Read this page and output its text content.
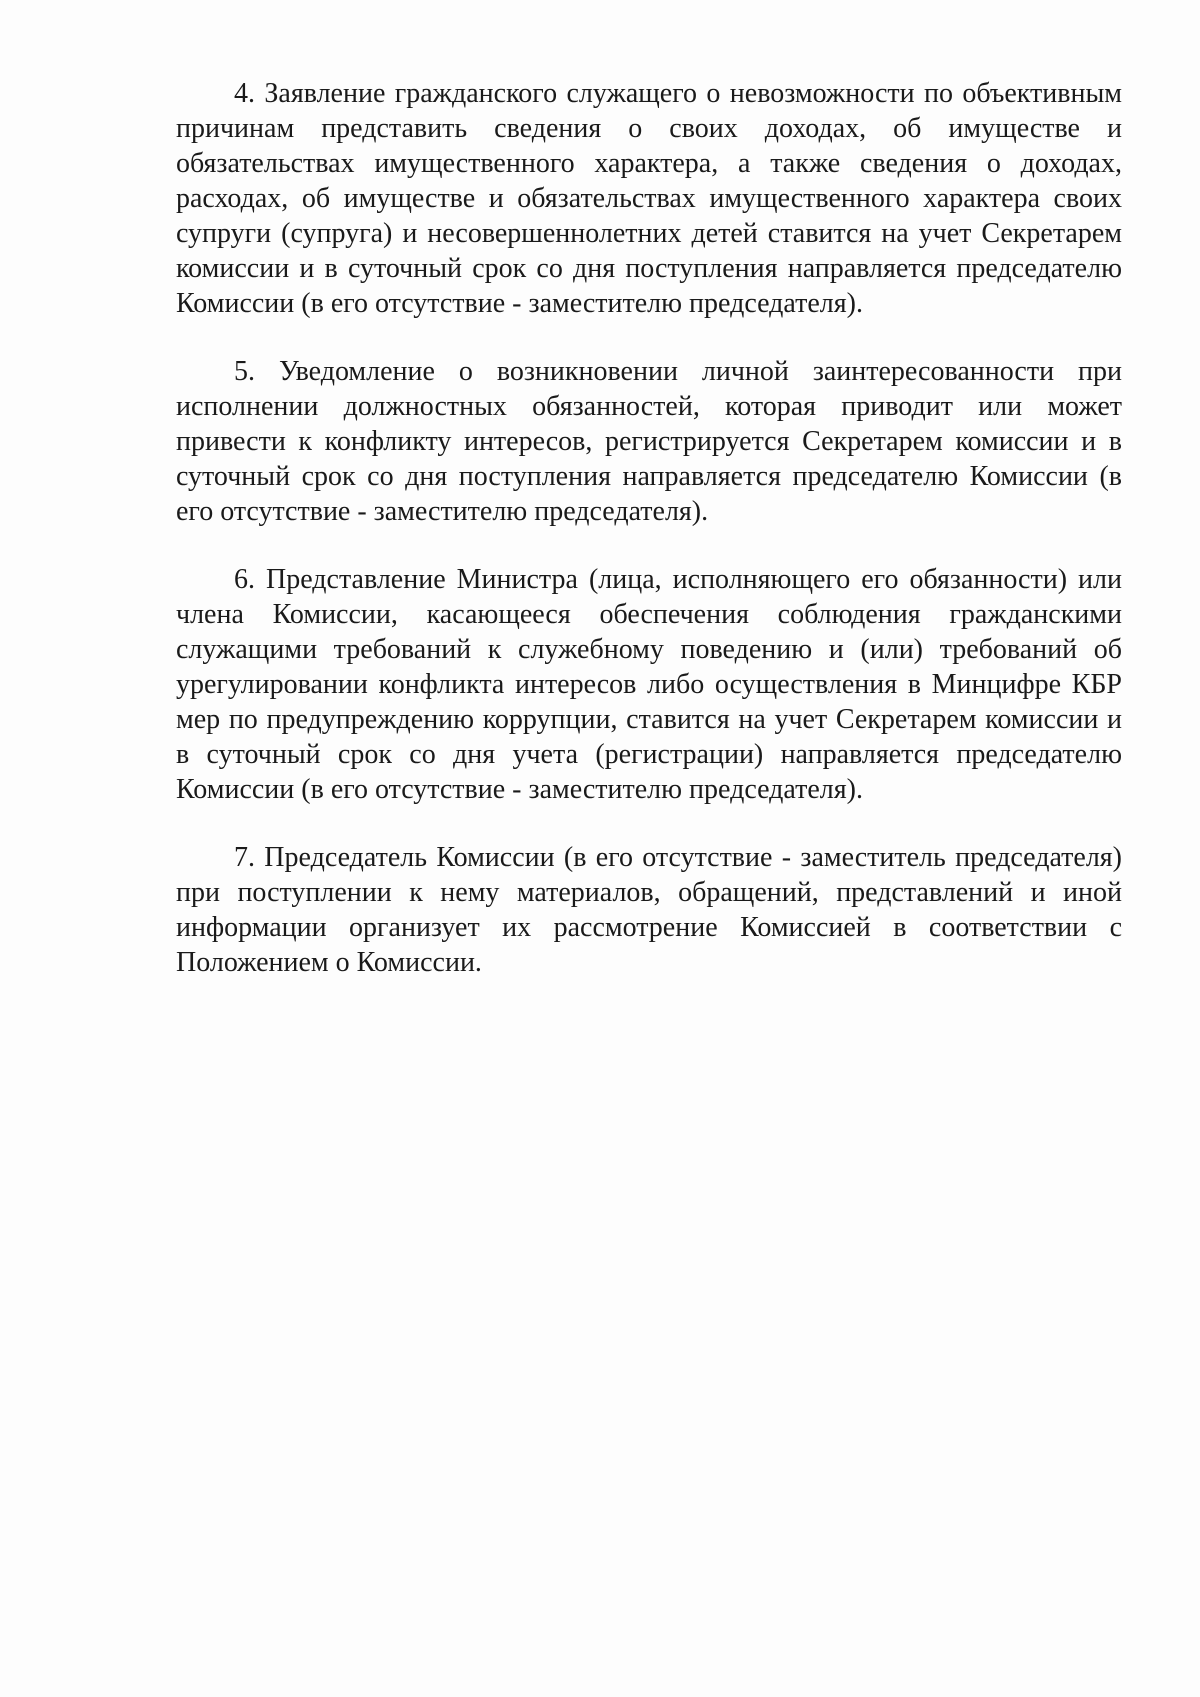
4. Заявление гражданского служащего о невозможности по объективным причинам представить сведения о своих доходах, об имуществе и обязательствах имущественного характера, а также сведения о доходах, расходах, об имуществе и обязательствах имущественного характера своих супруги (супруга) и несовершеннолетних детей ставится на учет Секретарем комиссии и в суточный срок со дня поступления направляется председателю Комиссии (в его отсутствие - заместителю председателя).

5. Уведомление о возникновении личной заинтересованности при исполнении должностных обязанностей, которая приводит или может привести к конфликту интересов, регистрируется Секретарем комиссии и в суточный срок со дня поступления направляется председателю Комиссии (в его отсутствие - заместителю председателя).

6. Представление Министра (лица, исполняющего его обязанности) или члена Комиссии, касающееся обеспечения соблюдения гражданскими служащими требований к служебному поведению и (или) требований об урегулировании конфликта интересов либо осуществления в Минцифре КБР мер по предупреждению коррупции, ставится на учет Секретарем комиссии и в суточный срок со дня учета (регистрации) направляется председателю Комиссии (в его отсутствие - заместителю председателя).

7. Председатель Комиссии (в его отсутствие - заместитель председателя) при поступлении к нему материалов, обращений, представлений и иной информации организует их рассмотрение Комиссией в соответствии с Положением о Комиссии.
